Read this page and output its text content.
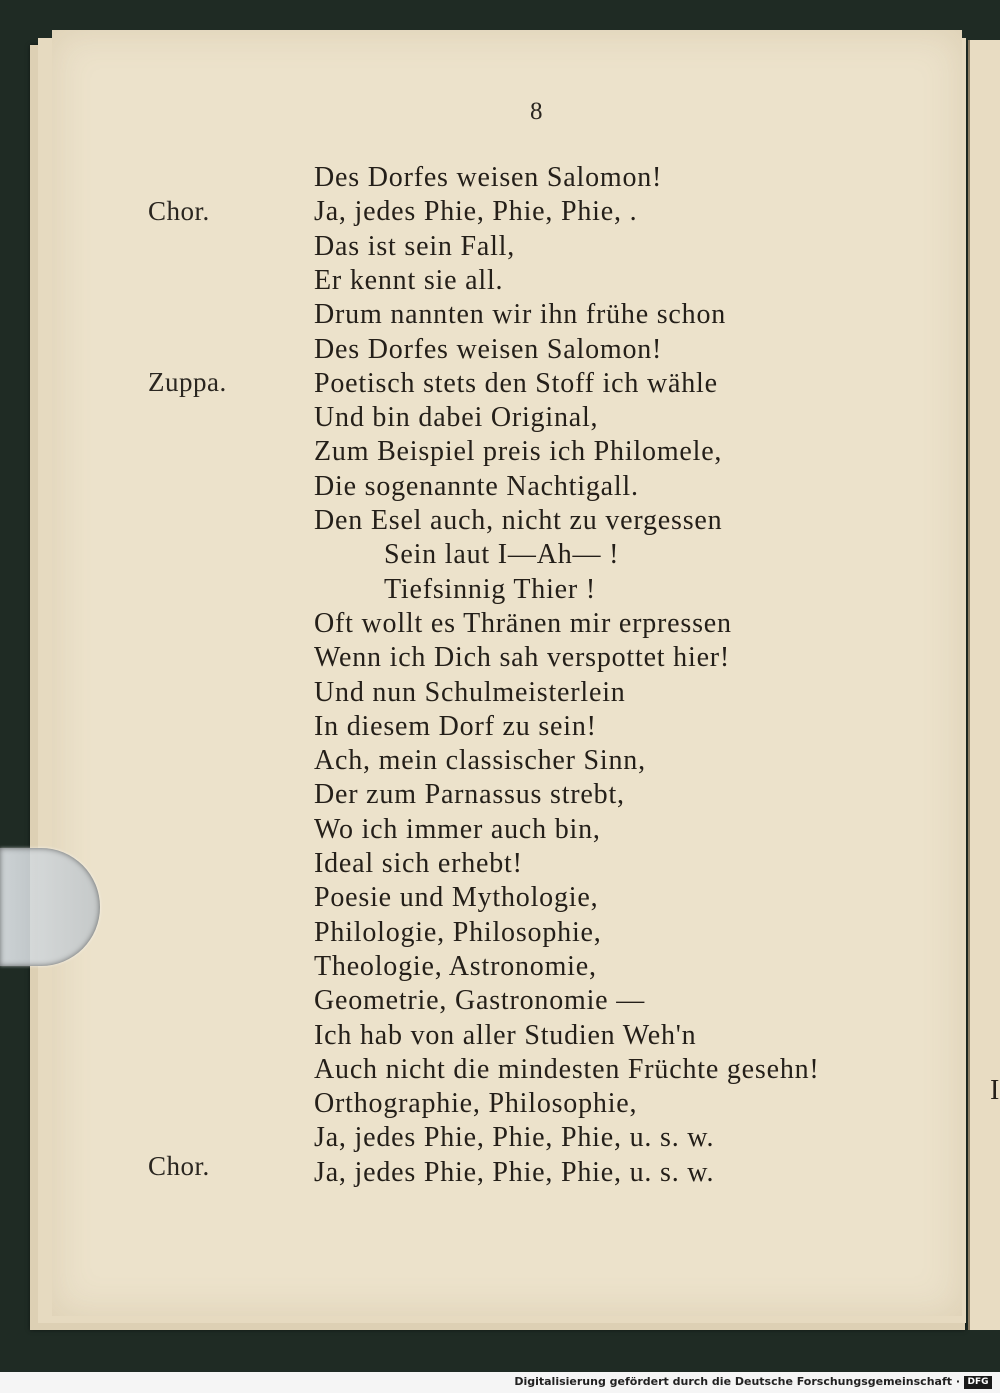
I
8
Chor.
Zuppa.
Chor.
Des Dorfes weisen Salomon!
Ja, jedes Phie, Phie, Phie, .
Das ist sein Fall,
Er kennt sie all.
Drum nannten wir ihn frühe schon
Des Dorfes weisen Salomon!
Poetisch stets den Stoff ich wähle
Und bin dabei Original,
Zum Beispiel preis ich Philomele,
Die sogenannte Nachtigall.
Den Esel auch, nicht zu vergessen
Sein laut I—Ah— !
Tiefsinnig Thier !
Oft wollt es Thränen mir erpressen
Wenn ich Dich sah verspottet hier!
Und nun Schulmeisterlein
In diesem Dorf zu sein!
Ach, mein classischer Sinn,
Der zum Parnassus strebt,
Wo ich immer auch bin,
Ideal sich erhebt!
Poesie und Mythologie,
Philologie, Philosophie,
Theologie, Astronomie,
Geometrie, Gastronomie —
Ich hab von aller Studien Weh'n
Auch nicht die mindesten Früchte gesehn!
Orthographie, Philosophie,
Ja, jedes Phie, Phie, Phie, u. s. w.
Ja, jedes Phie, Phie, Phie, u. s. w.
Digitalisierung gefördert durch die Deutsche Forschungsgemeinschaft · DFG
